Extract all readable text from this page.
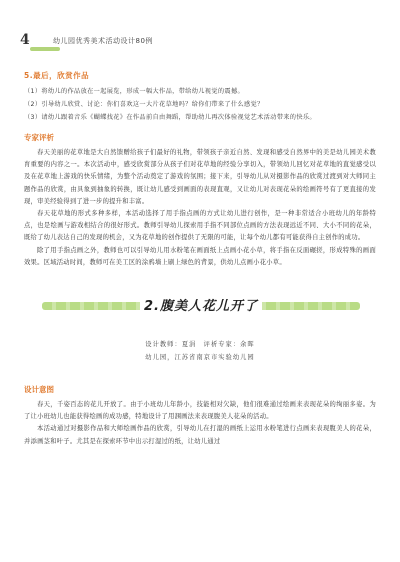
4	幼儿园优秀美术活动设计80例
5.最后，欣赏作品

（1）将幼儿的作品放在一起展览，形成一幅大作品，带给幼儿视觉的震撼。

（2）引导幼儿欣赏、讨论：你们喜欢这一大片花草地吗？给你们带来了什么感觉？

（3）请幼儿跟着音乐《蝴蝶找花》在作品前自由舞蹈，帮助幼儿再次体验视觉艺术活动带来的快乐。

专家评析

春天美丽的花草地是大自然馈赠给孩子们最好的礼物，带领孩子亲近自然、发现和感受自然界中的美是幼儿园美术教育重要的内容之一。本次活动中，感受欣赏部分从孩子们对花草地的经验分享切入，带领幼儿回忆对花草地的直觉感受以及在花草地上游戏的快乐情绪，为整个活动奠定了游戏的氛围；接下来，引导幼儿从对摄影作品的欣赏过渡到对大师同主题作品的欣赏，由具象到抽象的转换，既让幼儿感受到画面的表现直观，又让幼儿对表现花朵的绘画符号有了更直接的发现，审美经验得到了进一步的提升和丰富。

春天花草地的形式多种多样，本活动选择了用手指点画的方式让幼儿进行创作，是一种非常适合小班幼儿的年龄特点，也是绘画与游戏相结合的很好形式。教师引导幼儿探索用手指不同部位点画的方法表现远近不同、大小不同的花朵，既给了幼儿表达自己的发现的机会，又为花草地的创作提供了无限的可能，让每个幼儿都有可能获得自主创作的成功。

除了用手指点画之外，教师也可以引导幼儿用水粉笔在画面纸上点画小花小草，将手指在反面碾搓，形成特殊的画面效果。区域活动时间，教师可在美工区的涂鸦墙上刷上绿色的背景，供幼儿点画小花小草。

2.腹美人花儿开了
设计教师：夏涓　评析专家：余晖
幼儿园，江苏省南京市实验幼儿园
设计意图

春天，千姿百态的花儿开放了。由于小班幼儿年龄小，技能相对欠缺，他们很难通过绘画来表现花朵的绚丽多姿。为了让小班幼儿也能获得绘画的成功感，特地设计了用涠画法来表现腹美人花朵的活动。

本活动通过对摄影作品和大师绘画作品的欣赏，引导幼儿在打湿的画纸上运用水粉笔进行点画来表现腹美人的花朵，并添画茎和叶子。尤其是在探索环节中出示打湿过的纸，让幼儿通过
